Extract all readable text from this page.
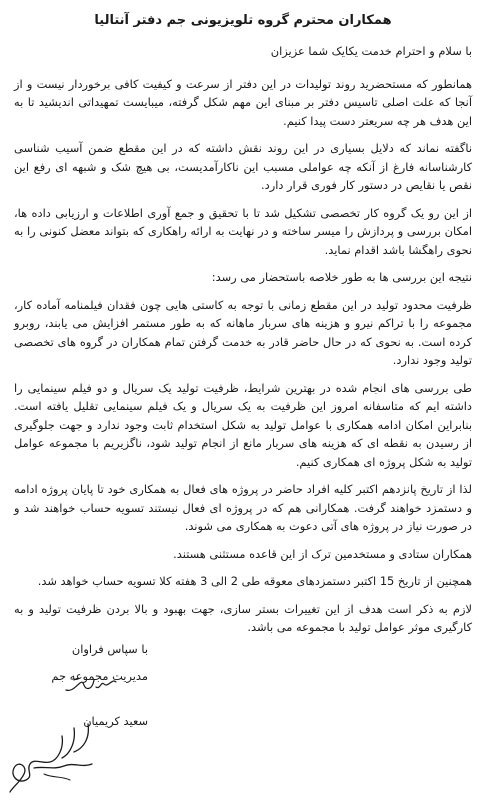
همکاران محترم گروه تلویزیونی جم دفتر آنتالیا

با سلام و احترام خدمت یکایک شما عزیزان

همانطور که مستحضرید روند تولیدات در این دفتر از سرعت و کیفیت کافی برخوردار نیست و از آنجا که علت اصلی تاسیس دفتر بر مبنای این مهم شکل گرفته، میبایست تمهیداتی اندیشید تا به این هدف هر چه سریعتر دست پیدا کنیم.

ناگفته نماند که دلایل بسیاری در این روند نقش داشته که در این مقطع ضمن آسیب شناسی کارشناسانه فارغ از آنکه چه عواملی مسبب این ناکارآمدیست، بی هیچ شک و شبهه ای رفع این نقص یا نقایص در دستور کار فوری قرار دارد.

از این رو یک گروه کار تخصصی تشکیل شد تا با تحقیق و جمع آوری اطلاعات و ارزیابی داده ها، امکان بررسی و پردازش را میسر ساخته و در نهایت به ارائه راهکاری که بتواند معضل کنونی را به نحوی راهگشا باشد اقدام نماید.

نتیجه این بررسی ها به طور خلاصه باستحضار می رسد:

ظرفیت محدود تولید در این مقطع زمانی با توجه به کاستی هایی چون فقدان فیلمنامه آماده کار، مجموعه را با تراکم نیرو و هزینه های سربار ماهانه که به طور مستمر افزایش می یابند، روبرو کرده است. به نحوی که در حال حاضر قادر به خدمت گرفتن تمام همکاران در گروه های تخصصی تولید وجود ندارد.

طی بررسی های انجام شده در بهترین شرایط، ظرفیت تولید یک سریال و دو فیلم سینمایی را داشته ایم که متاسفانه امروز این ظرفیت به یک سریال و یک فیلم سینمایی تقلیل یافته است. بنابراین امکان ادامه همکاری با عوامل تولید به شکل استخدام ثابت وجود ندارد و جهت جلوگیری از رسیدن به نقطه ای که هزینه های سربار مانع از انجام تولید شود، ناگزیریم با مجموعه عوامل تولید به شکل پروژه ای همکاری کنیم.

لذا از تاریخ پانزدهم اکتبر کلیه افراد حاضر در پروژه های فعال به همکاری خود تا پایان پروژه ادامه و دستمزد خواهند گرفت. همکارانی هم که در پروژه ای فعال نیستند تسویه حساب خواهند شد و در صورت نیاز در پروژه های آتی دعوت به همکاری می شوند.

همکاران ستادی و مستخدمین ترک از این قاعده مستثنی هستند.

همچنین از تاریخ 15 اکتبر دستمزدهای معوقه طی 2 الی 3 هفته کلا تسویه حساب خواهد شد.

لازم به ذکر است هدف از این تغییرات بستر سازی، جهت بهبود و بالا بردن ظرفیت تولید و به کارگیری موثر عوامل تولید با مجموعه می باشد.

با سپاس فراوان
مدیریت مجموعه جم
سعید کریمیان
